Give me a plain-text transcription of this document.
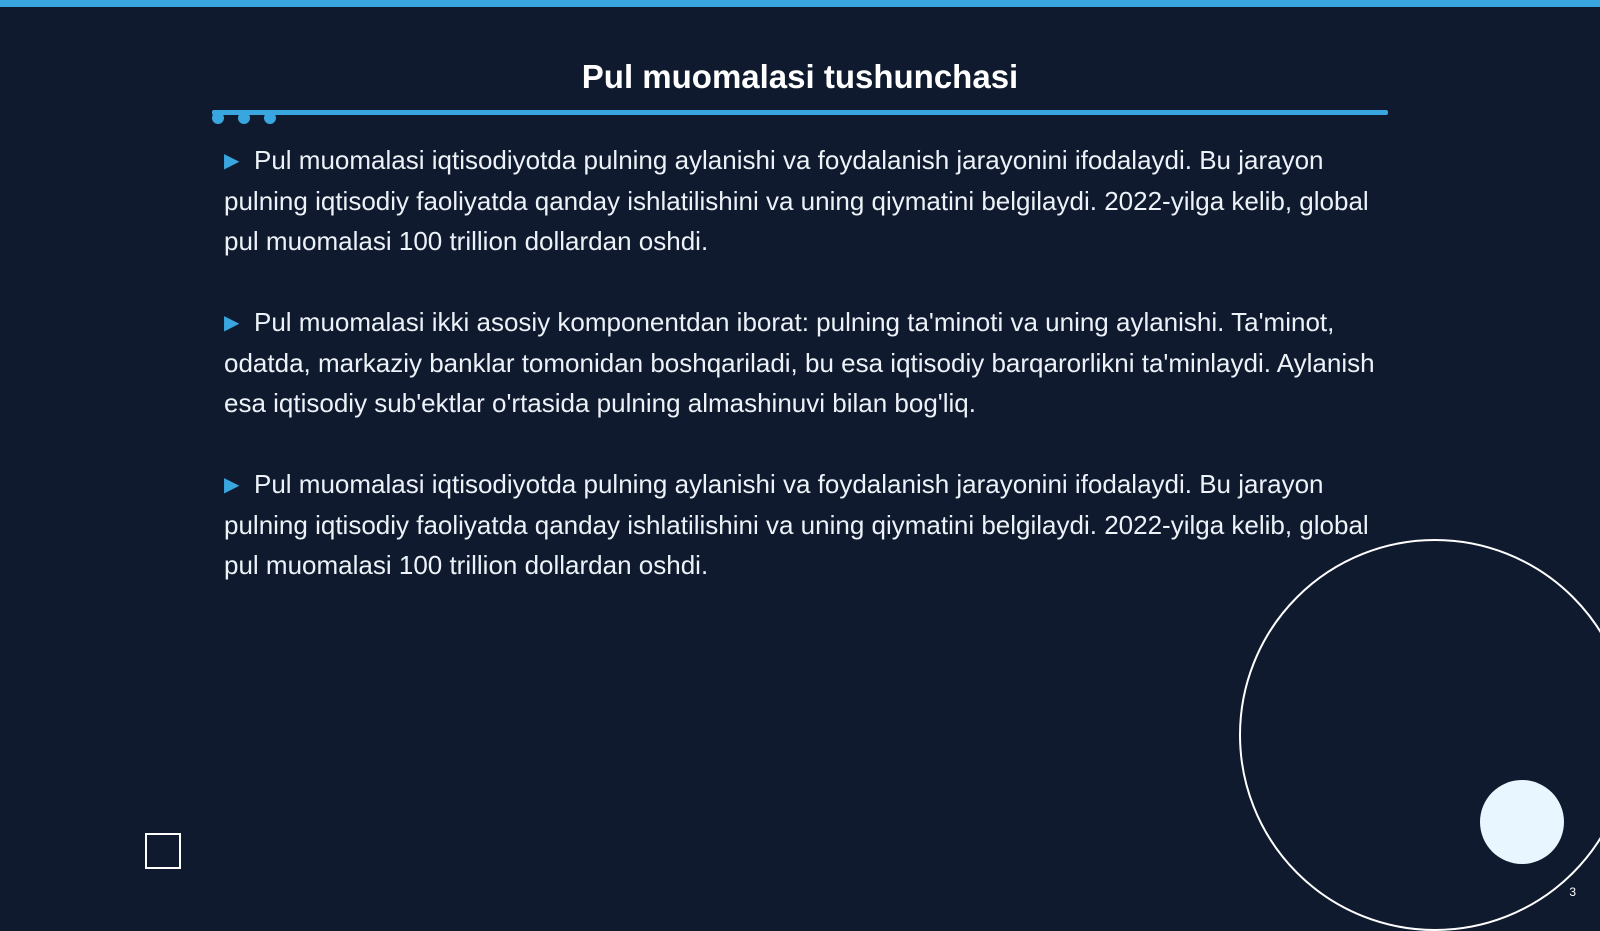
Pul muomalasi tushunchasi

▶ Pul muomalasi iqtisodiyotda pulning aylanishi va foydalanish jarayonini ifodalaydi. Bu jarayon pulning iqtisodiy faoliyatda qanday ishlatilishini va uning qiymatini belgilaydi. 2022-yilga kelib, global pul muomalasi 100 trillion dollardan oshdi.

▶ Pul muomalasi ikki asosiy komponentdan iborat: pulning ta'minoti va uning aylanishi. Ta'minot, odatda, markaziy banklar tomonidan boshqariladi, bu esa iqtisodiy barqarorlikni ta'minlaydi. Aylanish esa iqtisodiy sub'ektlar o'rtasida pulning almashinuvi bilan bog'liq.

▶ Pul muomalasi iqtisodiyotda pulning aylanishi va foydalanish jarayonini ifodalaydi. Bu jarayon pulning iqtisodiy faoliyatda qanday ishlatilishini va uning qiymatini belgilaydi. 2022-yilga kelib, global pul muomalasi 100 trillion dollardan oshdi.

3
